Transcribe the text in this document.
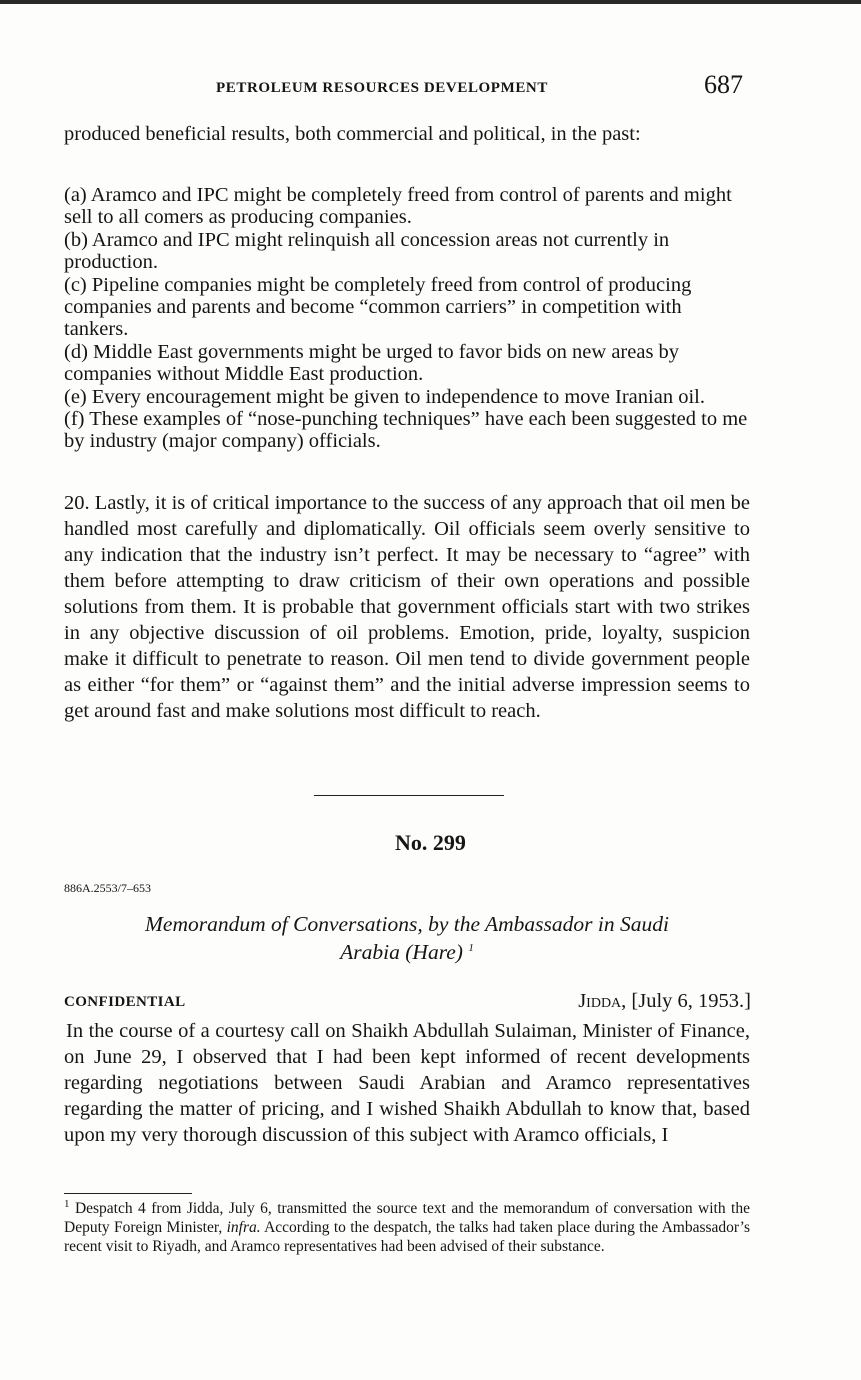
PETROLEUM RESOURCES DEVELOPMENT	687
produced beneficial results, both commercial and political, in the past:

(a) Aramco and IPC might be completely freed from control of parents and might sell to all comers as producing companies.

(b) Aramco and IPC might relinquish all concession areas not currently in production.

(c) Pipeline companies might be completely freed from control of producing companies and parents and become “common carriers” in competition with tankers.

(d) Middle East governments might be urged to favor bids on new areas by companies without Middle East production.

(e) Every encouragement might be given to independence to move Iranian oil.

(f) These examples of “nose-punching techniques” have each been suggested to me by industry (major company) officials.

20. Lastly, it is of critical importance to the success of any approach that oil men be handled most carefully and diplomatically. Oil officials seem overly sensitive to any indication that the industry isn’t perfect. It may be necessary to “agree” with them before attempting to draw criticism of their own operations and possible solutions from them. It is probable that government officials start with two strikes in any objective discussion of oil problems. Emotion, pride, loyalty, suspicion make it difficult to penetrate to reason. Oil men tend to divide government people as either “for them” or “against them” and the initial adverse impression seems to get around fast and make solutions most difficult to reach.
No. 299
886A.2553/7–653
Memorandum of Conversations, by the Ambassador in Saudi
Arabia (Hare) $^1$
CONFIDENTIAL	Jidda, [July 6, 1953.]
In the course of a courtesy call on Shaikh Abdullah Sulaiman, Minister of Finance, on June 29, I observed that I had been kept informed of recent developments regarding negotiations between Saudi Arabian and Aramco representatives regarding the matter of pricing, and I wished Shaikh Abdullah to know that, based upon my very thorough discussion of this subject with Aramco officials, I
$^1$ Despatch 4 from Jidda, July 6, transmitted the source text and the memorandum of conversation with the Deputy Foreign Minister, infra. According to the despatch, the talks had taken place during the Ambassador’s recent visit to Riyadh, and Aramco representatives had been advised of their substance.
